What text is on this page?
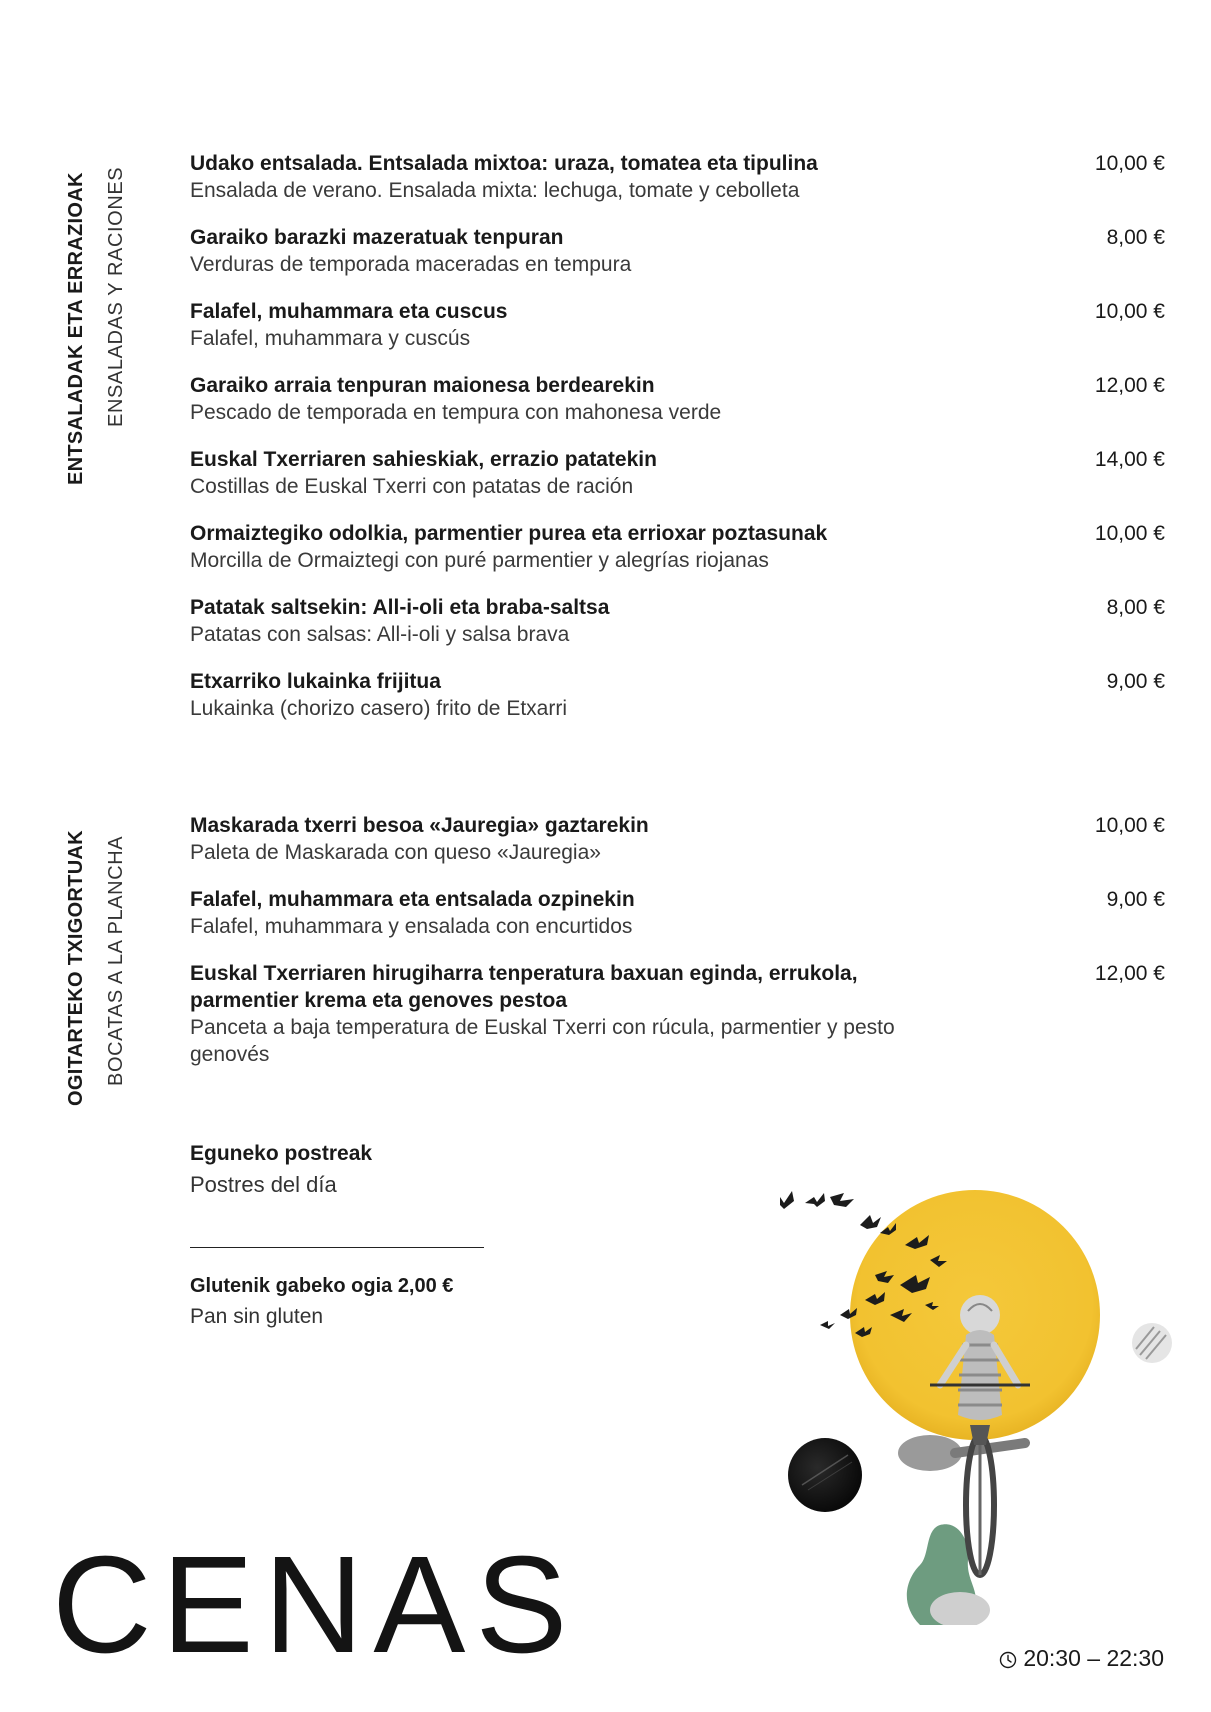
ENTSALADAK ETA ERRAZIOAK ENSALADAS Y RACIONES
Udako entsalada. Entsalada mixtoa: uraza, tomatea eta tipulina
Ensalada de verano. Ensalada mixta: lechuga, tomate y cebolleta
10,00 €
Garaiko barazki mazeratuak tenpuran
Verduras de temporada maceradas en tempura
8,00 €
Falafel, muhammara eta cuscus
Falafel, muhammara y cuscús
10,00 €
Garaiko arraia tenpuran maionesa berdearekin
Pescado de temporada en tempura con mahonesa verde
12,00 €
Euskal Txerriaren sahieskiak, errazio patatekin
Costillas de Euskal Txerri con patatas de ración
14,00 €
Ormaiztegiko odolkia, parmentier purea eta errioxar poztasunak
Morcilla de Ormaiztegi con puré parmentier y alegrías riojanas
10,00 €
Patatak saltsekin: All-i-oli eta braba-saltsa
Patatas con salsas: All-i-oli y salsa brava
8,00 €
Etxarriko lukainka frijitua
Lukainka (chorizo casero) frito de Etxarri
9,00 €
OGITARTEKO TXIGORTUAK BOCATAS A LA PLANCHA
Maskarada txerri besoa «Jauregia» gaztarekin
Paleta de Maskarada con queso «Jauregia»
10,00 €
Falafel, muhammara eta entsalada ozpinekin
Falafel, muhammara y ensalada con encurtidos
9,00 €
Euskal Txerriaren hirugiharra tenperatura baxuan eginda, errukola, parmentier krema eta genoves pestoa
Panceta a baja temperatura de Euskal Txerri con rúcula, parmentier y pesto genovés
12,00 €
Eguneko postreak
Postres del día
Glutenik gabeko ogia 2,00 €
Pan sin gluten
CENAS	20:30 – 22:30
